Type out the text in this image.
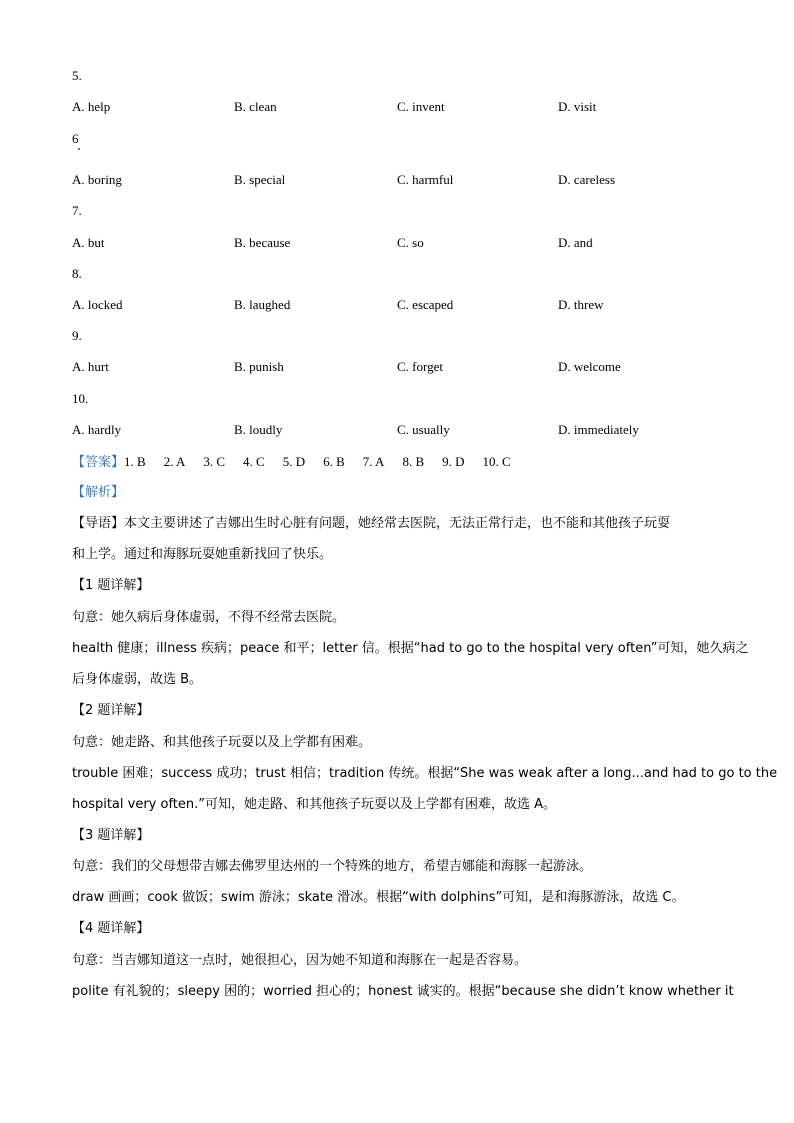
5.
A. help	B. clean	C. invent	D. visit
6
A. boring	B. special	C. harmful	D. careless
7.
A. but	B. because	C. so	D. and
8.
A. locked	B. laughed	C. escaped	D. threw
9.
A. hurt	B. punish	C. forget	D. welcome
10.
A. hardly	B. loudly	C. usually	D. immediately
【答案】1. B 2. A 3. C 4. C 5. D 6. B 7. A 8. B 9. D 10. C
【解析】
【导语】本文主要讲述了吉娜出生时心脏有问题，她经常去医院，无法正常行走，也不能和其他孩子玩耍
和上学。通过和海豚玩耍她重新找回了快乐。
【1 题详解】
句意：她久病后身体虚弱，不得不经常去医院。
health 健康；illness 疾病；peace 和平；letter 信。根据“had to go to the hospital very often”可知，她久病之
后身体虚弱，故选 B。
【2 题详解】
句意：她走路、和其他孩子玩耍以及上学都有困难。
trouble 困难；success 成功；trust 相信；tradition 传统。根据“She was weak after a long...and had to go to the
hospital very often.”可知，她走路、和其他孩子玩耍以及上学都有困难，故选 A。
【3 题详解】
句意：我们的父母想带吉娜去佛罗里达州的一个特殊的地方，希望吉娜能和海豚一起游泳。
draw 画画；cook 做饭；swim 游泳；skate 滑冰。根据“with dolphins”可知，是和海豚游泳，故选 C。
【4 题详解】
句意：当吉娜知道这一点时，她很担心，因为她不知道和海豚在一起是否容易。
polite 有礼貌的；sleepy 困的；worried 担心的；honest 诚实的。根据“because she didn’t know whether it
